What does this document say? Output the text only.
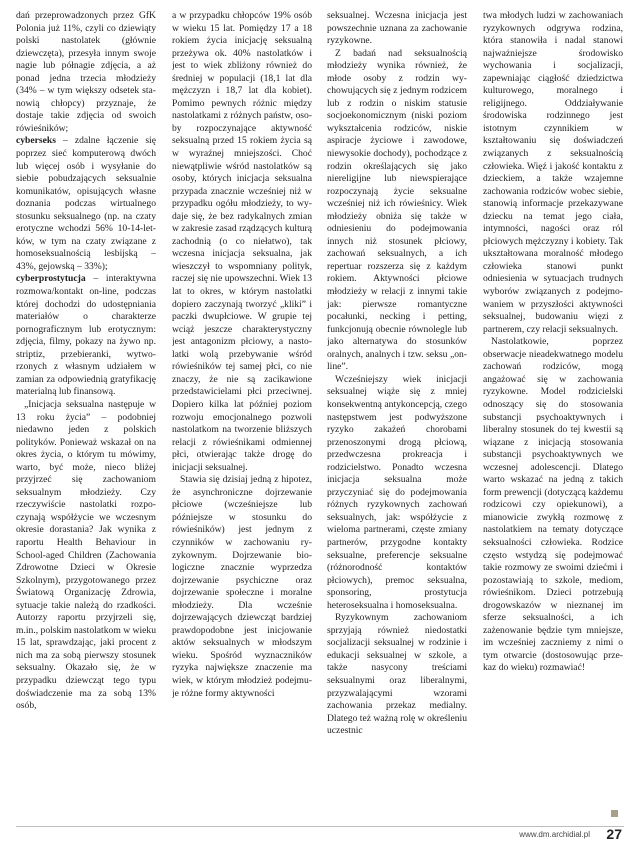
dań przeprowadzonych przez GfK Polonia już 11%, czyli co dziewiąty polski nastolatek (głównie dziewczęta), przesyła innym swoje nagie lub półnagie zdjęcia, a aż ponad jedna trzecia młodzieży (34% – w tym większy odsetek stanowią chłopcy) przyznaje, że dostaje takie zdjęcia od swoich rówieśników;

cyberseks – zdalne łączenie się poprzez sieć komputerową dwóch lub więcej osób i wysyłanie do siebie pobudzających seksualnie komunikatów, opisujących własne doznania podczas wirtualnego stosunku seksualnego (np. na czaty erotyczne wchodzi 56% 10-14-letków, w tym na czaty związane z homoseksualnością lesbijską – 43%, gejowską – 33%);

cyberprostytucja – interaktywna rozmowa/kontakt on-line, podczas której dochodzi do udostępniania materiałów o charakterze pornograficznym lub erotycznym: zdjęcia, filmy, pokazy na żywo np. striptiz, przebieranki, wytworzonych z własnym udziałem w zamian za odpowiednią gratyfikację materialną lub finansową.

„Inicjacja seksualna następuje w 13 roku życia” – podobniej niedawno jeden z polskich polityków. Ponieważ wskazał on na okres życia, o którym tu mówimy, warto, być może, nieco bliżej przyjrzeć się zachowaniom seksualnym młodzieży. Czy rzeczywiście nastolatki rozpoczynają współżycie we wczesnym okresie dorastania? Jak wynika z raportu Health Behaviour in School-aged Children (Zachowania Zdrowotne Dzieci w Okresie Szkolnym), przygotowanego przez Światową Organizację Zdrowia, sytuacje takie należą do rzadkości. Autorzy raportu przyjrzeli się, m.in., polskim nastolatkom w wieku 15 lat, sprawdzając, jaki procent z nich ma za sobą pierwszy stosunek seksualny. Okazało się, że w przypadku dziewcząt tego typu doświadczenie ma za sobą 13% osób,

a w przypadku chłopców 19% osób w wieku 15 lat. Pomiędzy 17 a 18 rokiem życia inicjację seksualną przeżywa ok. 40% nastolatków i jest to wiek zbliżony również do średniej w populacji (18,1 lat dla mężczyzn i 18,7 lat dla kobiet). Pomimo pewnych różnic między nastolatkami z różnych państw, osoby rozpoczynające aktywność seksualną przed 15 rokiem życia są w wyraźnej mniejszości. Choć niewątpliwie wśród nastolatków są osoby, których inicjacja seksualna przypada znacznie wcześniej niż w przypadku ogółu młodzieży, to wydaje się, że bez radykalnych zmian w zakresie zasad rządzących kulturą zachodnią (o co niełatwo), tak wczesna inicjacja seksualna, jak wieszczył to wspomniany polityk, raczej się nie upowszechni. Wiek 13 lat to okres, w którym nastolatki dopiero zaczynają tworzyć „kliki” i paczki dwupłciowe. W grupie tej wciąż jeszcze charakterystyczny jest antagonizm płciowy, a nastolatki wolą przebywanie wśród rówieśników tej samej płci, co nie znaczy, że nie są zacikawione przedstawicielami płci przeciwnej. Dopiero kilka lat później poziom rozwoju emocjonalnego pozwoli nastolatkom na tworzenie bliższych relacji z rówieśnikami odmiennej płci, otwierając także drogę do inicjacji seksualnej.

Stawia się dzisiaj jedną z hipotez, że asynchroniczne dojrzewanie płciowe (wcześniejsze lub późniejsze w stosunku do rówieśników) jest jednym z czynników w zachowaniu ryzykownym. Dojrzewanie biologiczne znacznie wyprzedza dojrzewanie psychiczne oraz dojrzewanie społeczne i moralne młodzieży. Dla wcześnie dojrzewających dziewcząt bardziej prawdopodobne jest inicjowanie aktów seksualnych w młodszym wieku. Spośród wyznaczników ryzyka największe znaczenie ma wiek, w którym młodzież podejmuje różne formy aktywności

seksualnej. Wczesna inicjacja jest powszechnie uznana za zachowanie ryzykowne.

Z badań nad seksualnością młodzieży wynika również, że młode osoby z rodzin wychowujących się z jednym rodzicem lub z rodzin o niskim statusie socjoekonomicznym (niski poziom wykształcenia rodziców, niskie aspiracje życiowe i zawodowe, niewysokie dochody), pochodzące z rodzin określających się jako niereligijne lub niewspierające rozpoczynają życie seksualne wcześniej niż ich rówieśnicy. Wiek młodzieży obniża się także w odniesieniu do podejmowania innych niż stosunek płciowy, zachowań seksualnych, a ich repertuar rozszerza się z każdym rokiem. Aktywności płciowe młodzieży w relacji z innymi takie jak: pierwsze romantyczne pocałunki, necking i petting, funkcjonują obecnie równolegle lub jako alternatywa do stosunków oralnych, analnych i tzw. seksu „on-line”.

Wcześniejszy wiek inicjacji seksualnej wiąże się z mniej konsekwentną antykoncepcją, czego następstwem jest podwyższone ryzyko zakażeń chorobami przenoszonymi drogą płciową, przedwczesna prokreacja i rodzicielstwo. Ponadto wczesna inicjacja seksualna może przyczyniać się do podejmowania różnych ryzykownych zachowań seksualnych, jak: współżycie z wieloma partnerami, częste zmiany partnerów, przygodne kontakty seksualne, preferencje seksualne (różnorodność kontaktów płciowych), premoc seksualna, sponsoring, prostytucja heteroseksualna i homoseksualna.

Ryzykownym zachowaniom sprzyjają również niedostatki socjalizacji seksualnej w rodzinie i edukacji seksualnej w szkole, a także nasycony treściami seksualnymi oraz liberalnymi, przyzwalającymi wzorami zachowania przekaz medialny. Dlatego też ważną rolę w określeniu uczestnic

twa młodych ludzi w zachowaniach ryzykownych odgrywa rodzina, która stanowiła i nadal stanowi najważniejsze środowisko wychowania i socjalizacji, zapewniając ciągłość dziedzictwa kulturowego, moralnego i religijnego. Oddziaływanie środowiska rodzinnego jest istotnym czynnikiem w kształtowaniu się doświadczeń związanych z seksualnością człowieka. Więź i jakość kontaktu z dzieckiem, a także wzajemne zachowania rodziców wobec siebie, stanowią informacje przekazywane dziecku na temat jego ciała, intymności, nagości oraz ról płciowych mężczyzny i kobiety. Tak ukształtowana moralność młodego człowieka stanowi punkt odniesienia w sytuacjach trudnych wyborów związanych z podejmowaniem w przyszłości aktywności seksualnej, budowaniu więzi z partnerem, czy relacji seksualnych.

Nastolatkowie, poprzez obserwacje nieadekwatnego modelu zachowań rodziców, mogą angażować się w zachowania ryzykowne. Model rodzicielski odnoszący się do stosowania substancji psychoaktywnych i liberalny stosunek do tej kwestii są wiązane z inicjacją stosowania substancji psychoaktywnych we wczesnej adolescencji. Dlatego warto wskazać na jedną z takich form prewencji (dotyczącą każdemu rodzicowi czy opiekunowi), a mianowicie zwykłą rozmowę z nastolatkiem na tematy dotyczące seksualności człowieka. Rodzice często wstydzą się podejmować takie rozmowy ze swoimi dziećmi i pozostawiają to szkole, mediom, rówieśnikom. Dzieci potrzebują drogowskazów w nieznanej im sferze seksualności, a ich zażenowanie będzie tym mniejsze, im wcześniej zaczniemy z nimi o tym otwarcie (dostosowując przekaz do wieku) rozmawiać!

www.dm.archidial.pl 27
